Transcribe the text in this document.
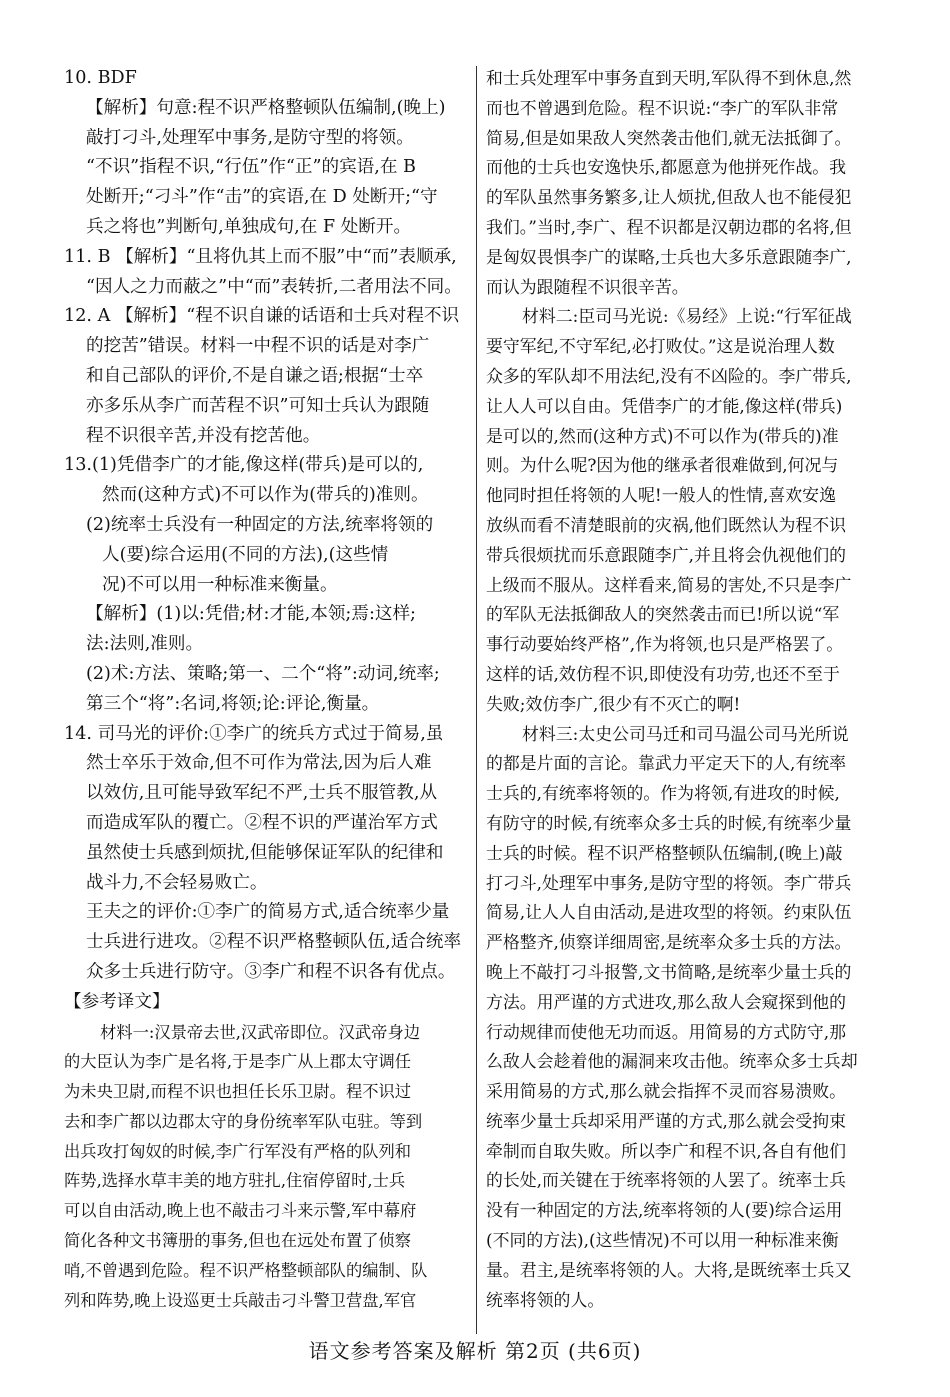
10. BDF
【解析】句意:程不识严格整顿队伍编制,(晚上)
敲打刁斗,处理军中事务,是防守型的将领。
“不识”指程不识,“行伍”作“正”的宾语,在 B
处断开;“刁斗”作“击”的宾语,在 D 处断开;“守
兵之将也”判断句,单独成句,在 F 处断开。
11. B 【解析】“且将仇其上而不服”中“而”表顺承,
“因人之力而蔽之”中“而”表转折,二者用法不同。
12. A 【解析】“程不识自谦的话语和士兵对程不识
的挖苦”错误。材料一中程不识的话是对李广
和自己部队的评价,不是自谦之语;根据“士卒
亦多乐从李广而苦程不识”可知士兵认为跟随
程不识很辛苦,并没有挖苦他。
13.(1)凭借李广的才能,像这样(带兵)是可以的,
然而(这种方式)不可以作为(带兵的)准则。
(2)统率士兵没有一种固定的方法,统率将领的
人(要)综合运用(不同的方法),(这些情
况)不可以用一种标准来衡量。
【解析】(1)以:凭借;材:才能,本领;焉:这样;
法:法则,准则。
(2)术:方法、策略;第一、二个“将”:动词,统率;
第三个“将”:名词,将领;论:评论,衡量。
14. 司马光的评价:①李广的统兵方式过于简易,虽
然士卒乐于效命,但不可作为常法,因为后人难
以效仿,且可能导致军纪不严,士兵不服管教,从
而造成军队的覆亡。②程不识的严谨治军方式
虽然使士兵感到烦扰,但能够保证军队的纪律和
战斗力,不会轻易败亡。
王夫之的评价:①李广的简易方式,适合统率少量
士兵进行进攻。②程不识严格整顿队伍,适合统率
众多士兵进行防守。③李广和程不识各有优点。
【参考译文】
材料一:汉景帝去世,汉武帝即位。汉武帝身边
的大臣认为李广是名将,于是李广从上郡太守调任
为未央卫尉,而程不识也担任长乐卫尉。程不识过
去和李广都以边郡太守的身份统率军队屯驻。等到
出兵攻打匈奴的时候,李广行军没有严格的队列和
阵势,选择水草丰美的地方驻扎,住宿停留时,士兵
可以自由活动,晚上也不敲击刁斗来示警,军中幕府
简化各种文书簿册的事务,但也在远处布置了侦察
哨,不曾遇到危险。程不识严格整顿部队的编制、队
列和阵势,晚上设巡更士兵敲击刁斗警卫营盘,军官
和士兵处理军中事务直到天明,军队得不到休息,然
而也不曾遇到危险。程不识说:“李广的军队非常
简易,但是如果敌人突然袭击他们,就无法抵御了。
而他的士兵也安逸快乐,都愿意为他拼死作战。我
的军队虽然事务繁多,让人烦扰,但敌人也不能侵犯
我们。”当时,李广、程不识都是汉朝边郡的名将,但
是匈奴畏惧李广的谋略,士兵也大多乐意跟随李广,
而认为跟随程不识很辛苦。
材料二:臣司马光说:《易经》上说:“行军征战
要守军纪,不守军纪,必打败仗。”这是说治理人数
众多的军队却不用法纪,没有不凶险的。李广带兵,
让人人可以自由。凭借李广的才能,像这样(带兵)
是可以的,然而(这种方式)不可以作为(带兵的)准
则。为什么呢?因为他的继承者很难做到,何况与
他同时担任将领的人呢!一般人的性情,喜欢安逸
放纵而看不清楚眼前的灾祸,他们既然认为程不识
带兵很烦扰而乐意跟随李广,并且将会仇视他们的
上级而不服从。这样看来,简易的害处,不只是李广
的军队无法抵御敌人的突然袭击而已!所以说“军
事行动要始终严格”,作为将领,也只是严格罢了。
这样的话,效仿程不识,即使没有功劳,也还不至于
失败;效仿李广,很少有不灭亡的啊!
材料三:太史公司马迁和司马温公司马光所说
的都是片面的言论。靠武力平定天下的人,有统率
士兵的,有统率将领的。作为将领,有进攻的时候,
有防守的时候,有统率众多士兵的时候,有统率少量
士兵的时候。程不识严格整顿队伍编制,(晚上)敲
打刁斗,处理军中事务,是防守型的将领。李广带兵
简易,让人人自由活动,是进攻型的将领。约束队伍
严格整齐,侦察详细周密,是统率众多士兵的方法。
晚上不敲打刁斗报警,文书简略,是统率少量士兵的
方法。用严谨的方式进攻,那么敌人会窥探到他的
行动规律而使他无功而返。用简易的方式防守,那
么敌人会趁着他的漏洞来攻击他。统率众多士兵却
采用简易的方式,那么就会指挥不灵而容易溃败。
统率少量士兵却采用严谨的方式,那么就会受拘束
牵制而自取失败。所以李广和程不识,各自有他们
的长处,而关键在于统率将领的人罢了。统率士兵
没有一种固定的方法,统率将领的人(要)综合运用
(不同的方法),(这些情况)不可以用一种标准来衡
量。君主,是统率将领的人。大将,是既统率士兵又
统率将领的人。
语文参考答案及解析 第2页 (共6页)
